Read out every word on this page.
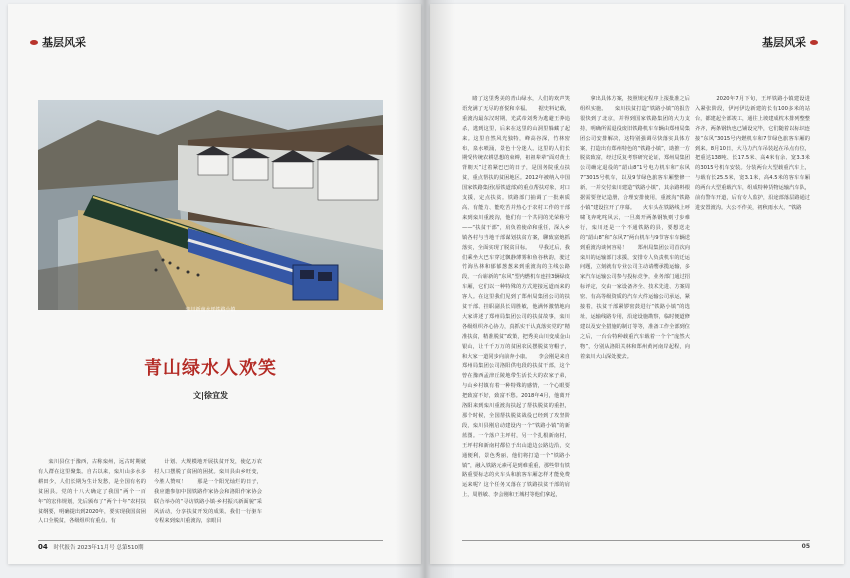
基层风采	基层风采
栾川新南水坪铁路小镇
青山绿水人欢笑
文|徐宜发

栾川县位于豫西，古称栾州，远古时期就有人群在这里聚集。自古以来，栾川山多水多耕田少，人们长期为生计发愁，是全国有名的贫困县。党的十八大确定了我国“两个一百年”的宏伟规划，先后颁布了“两个十年”农村扶贫纲要，明确提出到2020年，要实现我国贫困人口全脱贫，各级组织有重点、有

计划、大规模地开展扶贫开发，使亿万农村人口摆脱了贫困的困扰。栾川县由乡旺变，今胜人赞叹！　　那是一个阳光灿烂的日子，我应邀参加中国铁路作家协会和洛阳作家协会联合举办的“寻访铁路小镇·乡村振兴新面貌”采风活动，分享扶贫开发的成果。我们一行驱车专程来到栾川重渡沟，亲眼目

睹了这里秀美的青山绿水，人们的欢声笑语充满了无尽的喜悦和幸福。　　据史料记载，重渡沟最东汉时期，光武帝刘秀为逃避王莽追杀，逃到这里，后来在这里的山洞里躲藏了起来。这里自然风光独特，峰高谷深，竹林密布，泉水喷涌，景色十分迷人。这里的人们长期受传统农耕思想的束缚，祖祖辈辈“面对黄土背朝天”过着紧巴巴的日子，是国务院重点扶贫，重点帮扶的贫困地区。2012年被纳入中国国家铁路集团(原铁道部)的重点帮扶对象，对口支援，定点扶贫。铁路部门抽调了一批素质高、有能力、能吃苦并热心于农村工作的干部来到栾川重渡沟，他们有一个共同的光荣称号——“扶贫干部”，肩负着使命和重任，深入乡镇各村与当地干部谋划扶贫方案，聊致富炮抓落实，全面实现了脱贫目标。　　早我过后，我们乘坐大巴车穿过飘静薄雾和鱼谷秋韵，驶过竹海丛林和郁郁葱葱来到重渡沟的主线公路段，一台崭新的“东风”型内燃机车连挂3辆绿皮车厢，它们以一种特殊的方式迎接远道而来的客人。在这里我们见到了郑州局集团公司的扶贫干部、挂职副县长周胜敏，他满怀激情地向大家讲述了郑州局集团公司的扶贫故事，栾川各级组织齐心协力，真抓实干认真落实党的“精准扶贫，精准脱贫”政策，把秀美山川变成金山银山，让千千万万的贫困农民摆脱贫穷帽子，和大家一道同步向前奔小康。　　李会刚是来自郑州局集团公司洛阳供电段的扶贫干部，这个曾在豫西孟津丘陵地带生活长大的农家子弟，与山乡村镇有着一种特殊的感情，一个心眼要把致富不好，致富不愁。2018年4月，他离开洛阳来到栾川重渡沟扶起了帮扶脱贫的重担，那个时候，全国帮扶脱贫战役已经到了攻坚阶段，栾川县刚启动建设内一个“铁路小镇”的新蓝图。一个落户主坪村，另一个扎根新南村，王坪村和新南村都位于出山道边公路边沿，交通便利，景色秀丽，他们将打造一个“铁路小镇”，融入铁路元素可是到难重重，那些带有铁路重要标志的火车头和旅客车厢怎样才能免费运来呢？这个任务又落在了铁路扶贫干部的肩上，周胜敏、李会刚和王城村等他们拿起，

拿出具体方案，按照规定程序上报批准之后组织实施。　　栾川扶贫打造“铁路小镇”的报告很快到了北京，并得到国家铁路集团的大力支持，明确所需退役废旧铁路机车车辆由郑州局集团公司安排解决，这特别强调尽快落实具体方案，打造出有郑州特色的“铁路小镇”，助推一方脱贫致富，经过反复考察研究论证，郑州局集团公司确定退役的“韶山8”1号电力机车和“东风7”3015号机车，以及9节绿色旅客车厢整修一新，一并交付栾川建造“铁路小镇”，其余路料根据需要登记造册，合理安排使用，重渡沟“铁路小镇”建设拉开了序幕。　　火车头在铁路线上呼啸飞奔叱咤风云，一旦离开两条钢轨则寸步难行，栾川还是一个不通铁路的县，要想送走的“韶山8”和“东风7”两台机车与9节客车车辆送到重渡沟谈何容易！　　郑州局集团公司首次向栾川的运输部门求援，安排专人负责机车的迁运问题，立刻就有专业公司主动请缨承揽运输，多家汽车运输公司参与投标竞争，业务部门通过招标评定，交由一家设备齐全、技术先进、方案周密、有高等级资质的汽车大件运输公司承运，紧接着，扶贫干部紧锣密鼓进行“铁路小镇”的选址，运输线路专用，沿途设施勘察，临时便道修建以及安全措施的制订等等，准备工作全部到位之后，一台台特种载重汽车载着一个个“庞然大物”，分别从洛阳关林和郑州黄河南岸起程，向着栾川大山深处驶去。

　　2020年7月下旬，王坪铁路小镇建设进入紧张阶段，伊河伊边新建的长有100多米的站台，都建起全部竣工，通往上坡建成枕木排列整整齐齐，两条钢轨也已铺设完毕，它们随着以标识连接“东风”3015号内燃机车和7节绿色旅客车厢的到来。8月10日，大马力汽车吊装起在吊点有位，把重达138吨、长17.5米、高4米有余、宽3.3米的3015号机车安装。分装两台大型载重汽车上，与载有长25.5米，宽3.1米，高4.5米的客车车厢的两台大型重载汽车，组成特种货物运输汽车队，前有警车开道，后有专人监护，沿途部落层路通过进安置渡沟。大公不作美，初秋雨水大，“铁路

04 时代报告 2023年11月号 总第510期	05
